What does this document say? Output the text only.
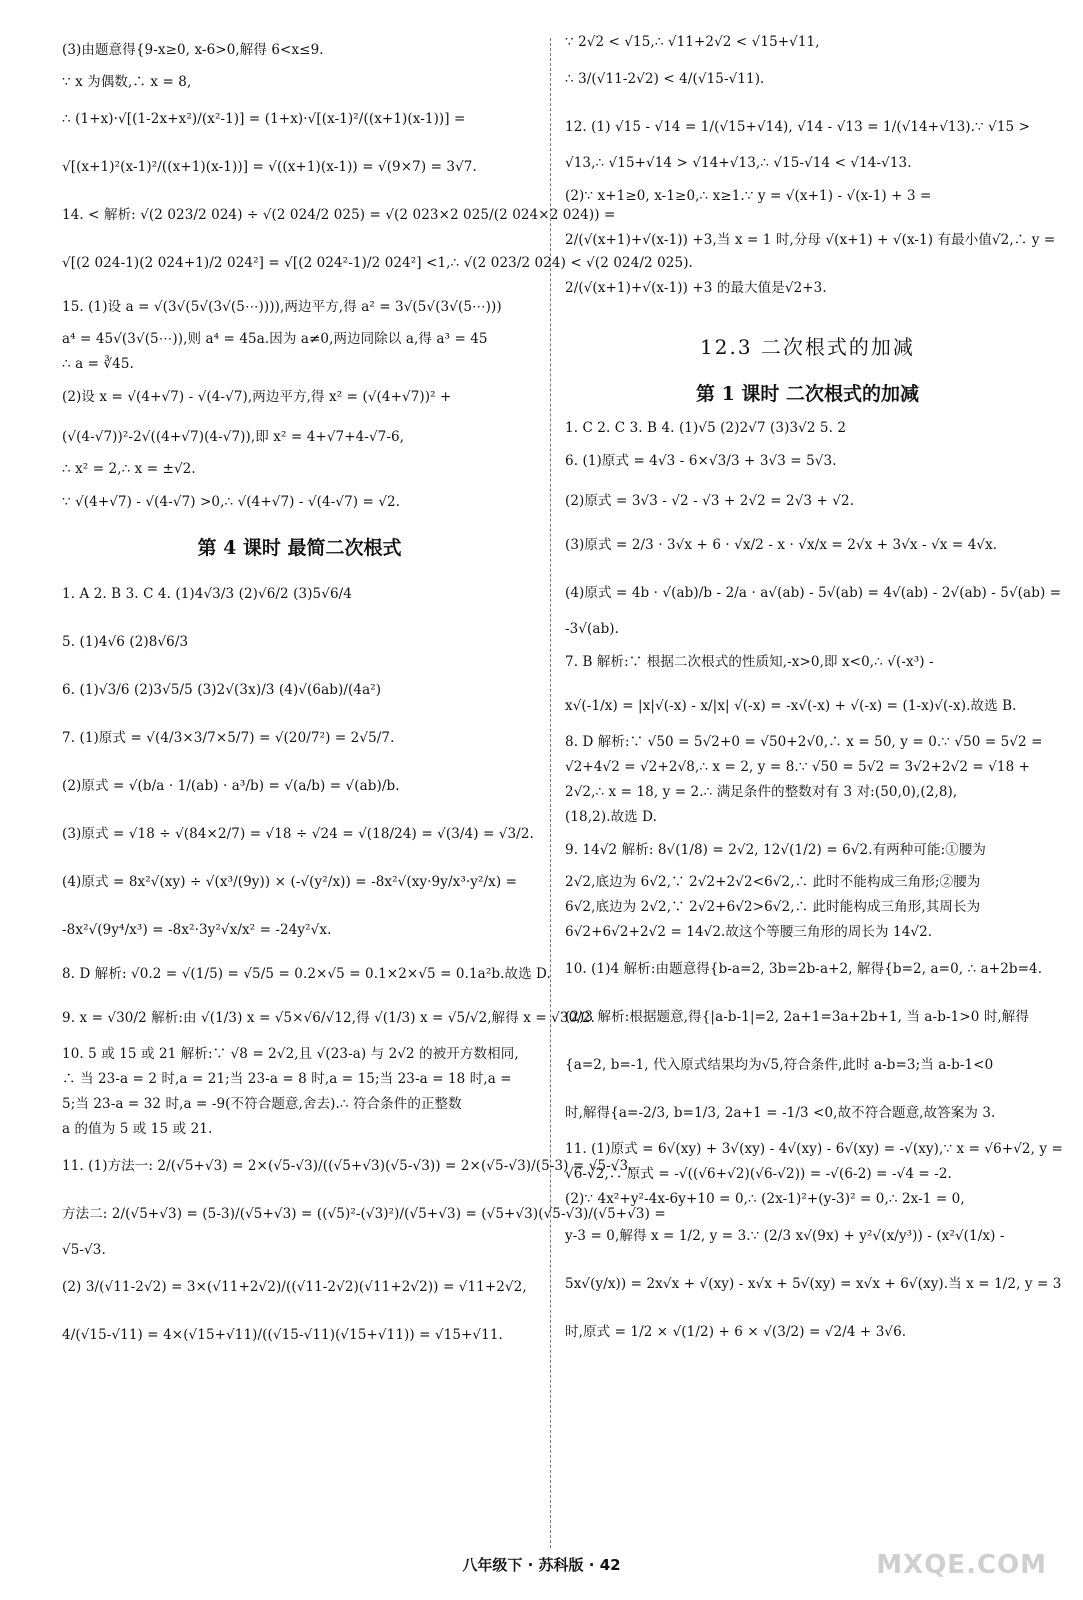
(3)由题意得{9-x≥0, x-6>0,解得 6<x≤9.
∵ x 为偶数,∴ x = 8,
∴ (1+x)·√[(1-2x+x²)/(x²-1)] = (1+x)·√[(x-1)²/((x+1)(x-1))] =
√[(x+1)²(x-1)²/((x+1)(x-1))] = √((x+1)(x-1)) = √(9×7) = 3√7.
14. < 解析: √(2 023/2 024) ÷ √(2 024/2 025) = √(2 023×2 025/(2 024×2 024)) =
√[(2 024-1)(2 024+1)/2 024²] = √[(2 024²-1)/2 024²] <1,∴ √(2 023/2 024) < √(2 024/2 025).
15. (1)设 a = √(3√(5√(3√(5⋯)))),两边平方,得 a² = 3√(5√(3√(5⋯)))
a⁴ = 45√(3√(5⋯)),则 a⁴ = 45a.因为 a≠0,两边同除以 a,得 a³ = 45
∴ a = ∛45.
(2)设 x = √(4+√7) - √(4-√7),两边平方,得 x² = (√(4+√7))² +
(√(4-√7))²-2√((4+√7)(4-√7)),即 x² = 4+√7+4-√7-6,
∴ x² = 2,∴ x = ±√2.
∵ √(4+√7) - √(4-√7) >0,∴ √(4+√7) - √(4-√7) = √2.
第 4 课时 最简二次根式
1. A 2. B 3. C 4. (1)4√3/3 (2)√6/2 (3)5√6/4
5. (1)4√6 (2)8√6/3
6. (1)√3/6 (2)3√5/5 (3)2√(3x)/3 (4)√(6ab)/(4a²)
7. (1)原式 = √(4/3×3/7×5/7) = √(20/7²) = 2√5/7.
(2)原式 = √(b/a · 1/(ab) · a³/b) = √(a/b) = √(ab)/b.
(3)原式 = √18 ÷ √(84×2/7) = √18 ÷ √24 = √(18/24) = √(3/4) = √3/2.
(4)原式 = 8x²√(xy) ÷ √(x³/(9y)) × (-√(y²/x)) = -8x²√(xy·9y/x³·y²/x) =
-8x²√(9y⁴/x³) = -8x²·3y²√x/x² = -24y²√x.
8. D 解析: √0.2 = √(1/5) = √5/5 = 0.2×√5 = 0.1×2×√5 = 0.1a²b.故选 D.
9. x = √30/2 解析:由 √(1/3) x = √5×√6/√12,得 √(1/3) x = √5/√2,解得 x = √30/2.
10. 5 或 15 或 21 解析:∵ √8 = 2√2,且 √(23-a) 与 2√2 的被开方数相同,
∴ 当 23-a = 2 时,a = 21;当 23-a = 8 时,a = 15;当 23-a = 18 时,a =
5;当 23-a = 32 时,a = -9(不符合题意,舍去).∴ 符合条件的正整数
a 的值为 5 或 15 或 21.
11. (1)方法一: 2/(√5+√3) = 2×(√5-√3)/((√5+√3)(√5-√3)) = 2×(√5-√3)/(5-3) = √5-√3.
方法二: 2/(√5+√3) = (5-3)/(√5+√3) = ((√5)²-(√3)²)/(√5+√3) = (√5+√3)(√5-√3)/(√5+√3) =
√5-√3.
(2) 3/(√11-2√2) = 3×(√11+2√2)/((√11-2√2)(√11+2√2)) = √11+2√2,
4/(√15-√11) = 4×(√15+√11)/((√15-√11)(√15+√11)) = √15+√11.
∵ 2√2 < √15,∴ √11+2√2 < √15+√11,
∴ 3/(√11-2√2) < 4/(√15-√11).
12. (1) √15 - √14 = 1/(√15+√14), √14 - √13 = 1/(√14+√13).∵ √15 >
√13,∴ √15+√14 > √14+√13,∴ √15-√14 < √14-√13.
(2)∵ x+1≥0, x-1≥0,∴ x≥1.∵ y = √(x+1) - √(x-1) + 3 =
2/(√(x+1)+√(x-1)) +3,当 x = 1 时,分母 √(x+1) + √(x-1) 有最小值√2,∴ y =
2/(√(x+1)+√(x-1)) +3 的最大值是√2+3.
12.3 二次根式的加减
第 1 课时 二次根式的加减
1. C 2. C 3. B 4. (1)√5 (2)2√7 (3)3√2 5. 2
6. (1)原式 = 4√3 - 6×√3/3 + 3√3 = 5√3.
(2)原式 = 3√3 - √2 - √3 + 2√2 = 2√3 + √2.
(3)原式 = 2/3 · 3√x + 6 · √x/2 - x · √x/x = 2√x + 3√x - √x = 4√x.
(4)原式 = 4b · √(ab)/b - 2/a · a√(ab) - 5√(ab) = 4√(ab) - 2√(ab) - 5√(ab) =
-3√(ab).
7. B 解析:∵ 根据二次根式的性质知,-x>0,即 x<0,∴ √(-x³) -
x√(-1/x) = |x|√(-x) - x/|x| √(-x) = -x√(-x) + √(-x) = (1-x)√(-x).故选 B.
8. D 解析:∵ √50 = 5√2+0 = √50+2√0,∴ x = 50, y = 0.∵ √50 = 5√2 =
√2+4√2 = √2+2√8,∴ x = 2, y = 8.∵ √50 = 5√2 = 3√2+2√2 = √18 +
2√2,∴ x = 18, y = 2.∴ 满足条件的整数对有 3 对:(50,0),(2,8),
(18,2).故选 D.
9. 14√2 解析: 8√(1/8) = 2√2, 12√(1/2) = 6√2.有两种可能:①腰为
2√2,底边为 6√2,∵ 2√2+2√2<6√2,∴ 此时不能构成三角形;②腰为
6√2,底边为 2√2,∵ 2√2+6√2>6√2,∴ 此时能构成三角形,其周长为
6√2+6√2+2√2 = 14√2.故这个等腰三角形的周长为 14√2.
10. (1)4 解析:由题意得{b-a=2, 3b=2b-a+2, 解得{b=2, a=0, ∴ a+2b=4.
(2)3 解析:根据题意,得{|a-b-1|=2, 2a+1=3a+2b+1, 当 a-b-1>0 时,解得
{a=2, b=-1, 代入原式结果均为√5,符合条件,此时 a-b=3;当 a-b-1<0
时,解得{a=-2/3, b=1/3, 2a+1 = -1/3 <0,故不符合题意,故答案为 3.
11. (1)原式 = 6√(xy) + 3√(xy) - 4√(xy) - 6√(xy) = -√(xy),∵ x = √6+√2, y =
√6-√2,∴ 原式 = -√((√6+√2)(√6-√2)) = -√(6-2) = -√4 = -2.
(2)∵ 4x²+y²-4x-6y+10 = 0,∴ (2x-1)²+(y-3)² = 0,∴ 2x-1 = 0,
y-3 = 0,解得 x = 1/2, y = 3.∵ (2/3 x√(9x) + y²√(x/y³)) - (x²√(1/x) -
5x√(y/x)) = 2x√x + √(xy) - x√x + 5√(xy) = x√x + 6√(xy).当 x = 1/2, y = 3
时,原式 = 1/2 × √(1/2) + 6 × √(3/2) = √2/4 + 3√6.
八年级下 · 苏科版 · 42	MXQE.COM
